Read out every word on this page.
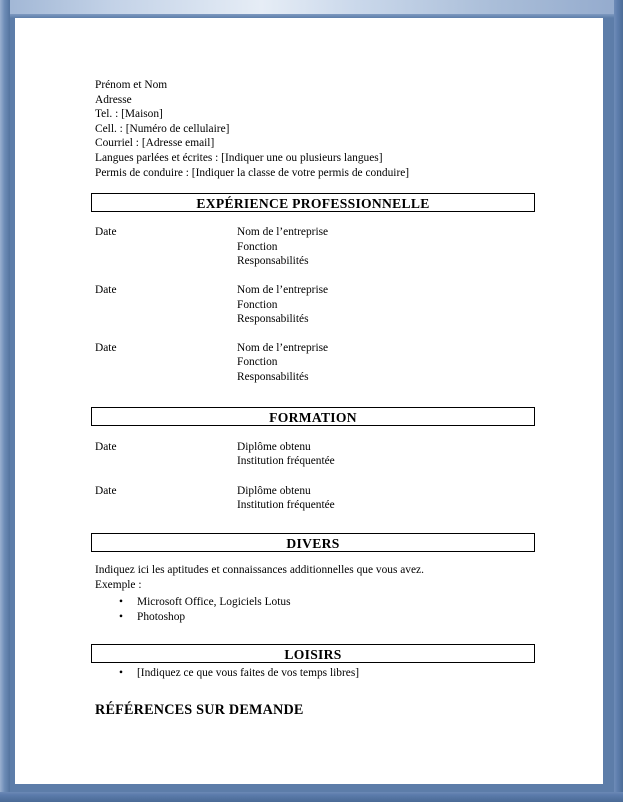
Prénom et Nom
Adresse
Tel. : [Maison]
Cell. : [Numéro de cellulaire]
Courriel : [Adresse email]
Langues parlées et écrites : [Indiquer une ou plusieurs langues]
Permis de conduire : [Indiquer la classe de votre permis de conduire]
EXPÉRIENCE PROFESSIONNELLE
Date	Nom de l’entreprise
Fonction
Responsabilités
Date	Nom de l’entreprise
Fonction
Responsabilités
Date	Nom de l’entreprise
Fonction
Responsabilités
FORMATION
Date	Diplôme obtenu
Institution fréquentée
Date	Diplôme obtenu
Institution fréquentée
DIVERS
Indiquez ici les aptitudes et connaissances additionnelles que vous avez.
Exemple :
• Microsoft Office, Logiciels Lotus
• Photoshop
LOISIRS
• [Indiquez ce que vous faites de vos temps libres]
RÉFÉRENCES SUR DEMANDE
